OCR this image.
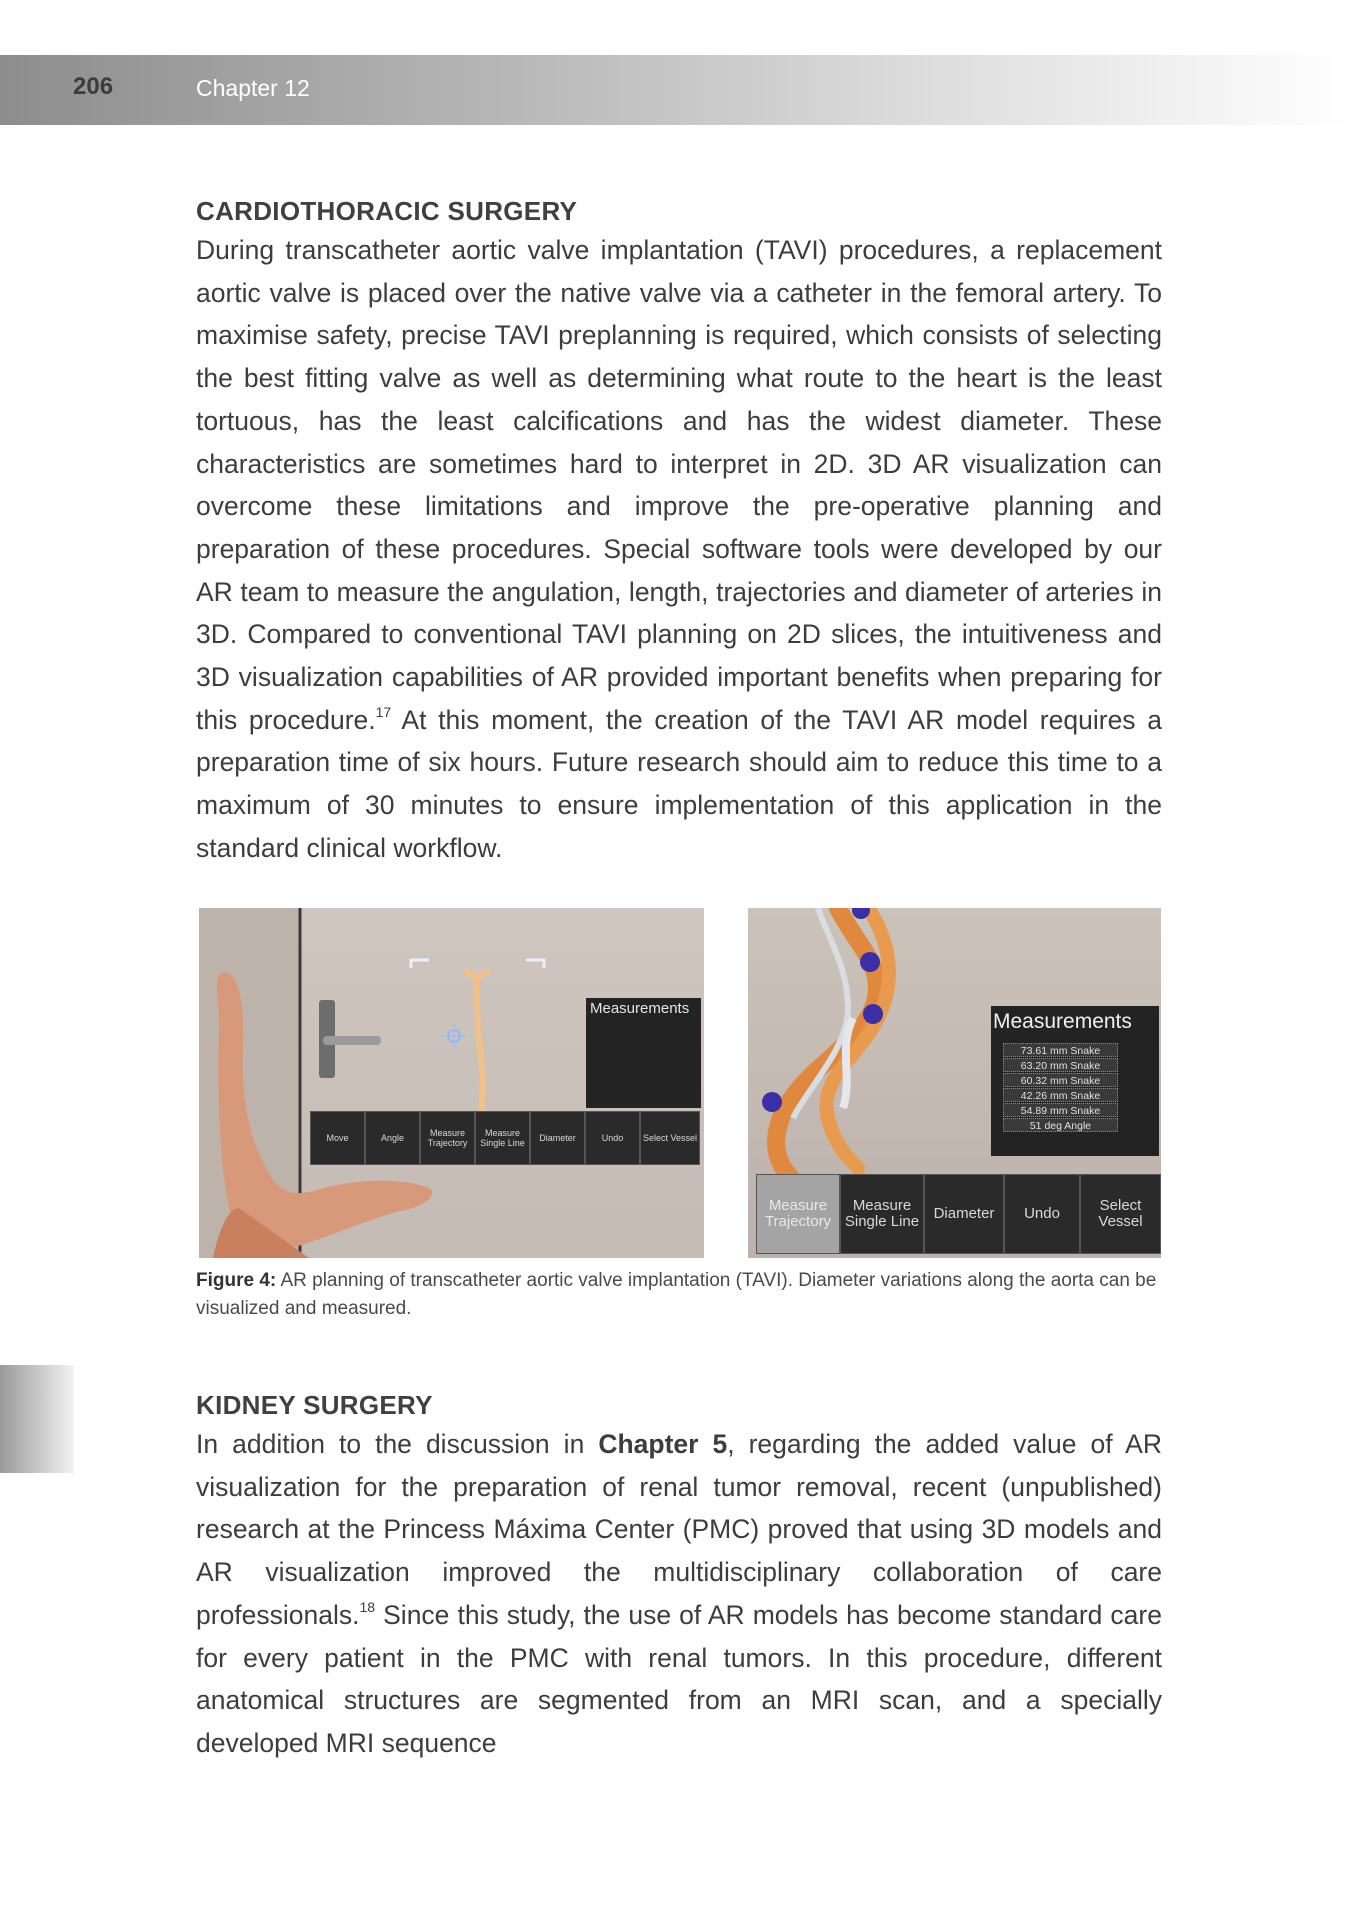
206	Chapter 12
CARDIOTHORACIC SURGERY

During transcatheter aortic valve implantation (TAVI) procedures, a replacement aortic valve is placed over the native valve via a catheter in the femoral artery. To maximise safety, precise TAVI preplanning is required, which consists of selecting the best fitting valve as well as determining what route to the heart is the least tortuous, has the least calcifications and has the widest diameter. These characteristics are sometimes hard to interpret in 2D. 3D AR visualization can overcome these limitations and improve the pre-operative planning and preparation of these procedures. Special software tools were developed by our AR team to measure the angulation, length, trajectories and diameter of arteries in 3D. Compared to conventional TAVI planning on 2D slices, the intuitiveness and 3D visualization capabilities of AR provided important benefits when preparing for this procedure.$^{17}$ At this moment, the creation of the TAVI AR model requires a preparation time of six hours. Future research should aim to reduce this time to a maximum of 30 minutes to ensure implementation of this application in the standard clinical workflow.

Measurements
Move	Angle	Measure Trajectory
Measure Single Line	Diameter	Undo	Select Vessel
Measurements
73.61 mm Snake
63.20 mm Snake
60.32 mm Snake
42.26 mm Snake
54.89 mm Snake
51 deg Angle
Measure Trajectory
Measure Single Line Diameter	Undo	Select Vessel
Figure 4: AR planning of transcatheter aortic valve implantation (TAVI). Diameter variations along the aorta can be visualized and measured.
KIDNEY SURGERY

In addition to the discussion in Chapter 5, regarding the added value of AR visualization for the preparation of renal tumor removal, recent (unpublished) research at the Princess Máxima Center (PMC) proved that using 3D models and AR visualization improved the multidisciplinary collaboration of care professionals.$^{18}$ Since this study, the use of AR models has become standard care for every patient in the PMC with renal tumors. In this procedure, different anatomical structures are segmented from an MRI scan, and a specially developed MRI sequence
